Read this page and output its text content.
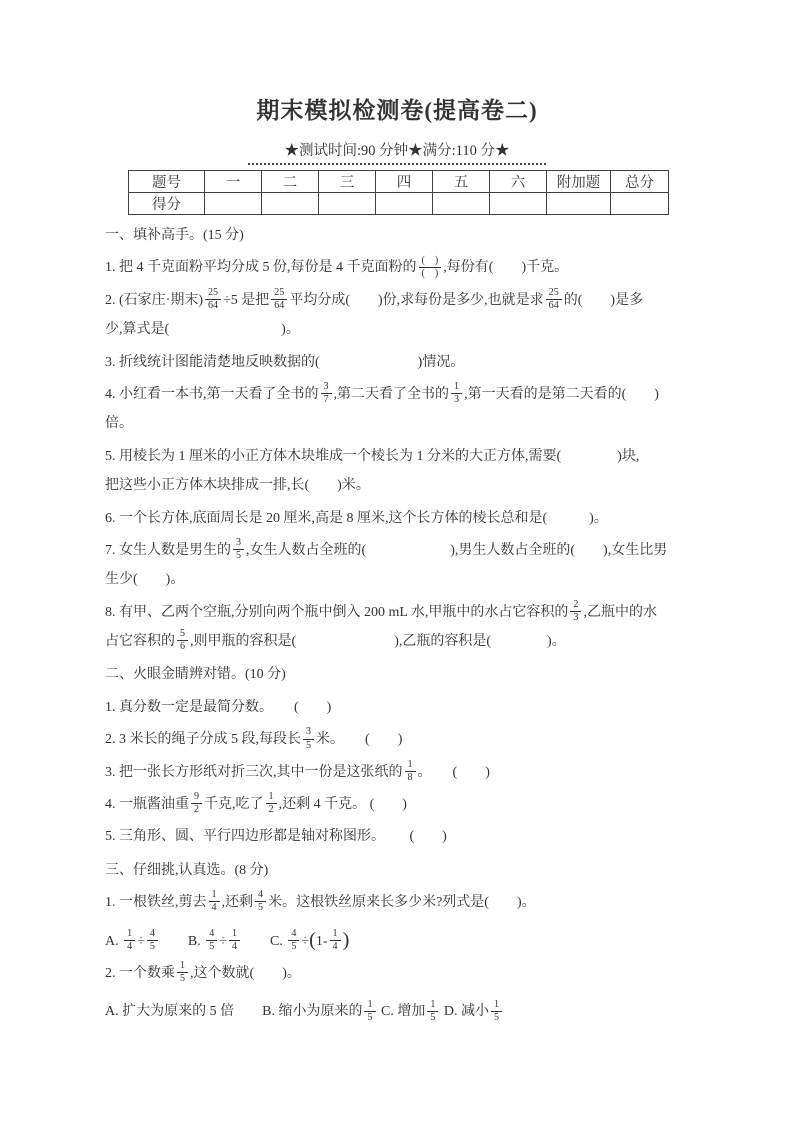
期末模拟检测卷(提高卷二)
★测试时间:90 分钟★满分:110 分★
题号	一	二	三	四	五	六	附加题	总分
得分								

一、填补高手。(15 分)

1. 把 4 千克面粉平均分成 5 份,每份是 4 千克面粉的 $\frac{( )}{( )}$ ,每份有(　　)千克。

2. (石家庄·期末) $\frac{25}{64} \div 5$ 是把 $\frac{25}{64}$ 平均分成(　　)份,求每份是多少,也就是求 $\frac{25}{64}$ 的(　　)是多
少,算式是(　　　　　　　　)。

3. 折线统计图能清楚地反映数据的(　　　　　　　)情况。

4. 小红看一本书,第一天看了全书的 $\frac{3}{7}$ ,第二天看了全书的 $\frac{1}{3}$ ,第一天看的是第二天看的(　　)
倍。

5. 用棱长为 1 厘米的小正方体木块堆成一个棱长为 1 分米的大正方体,需要(　　　　)块,
把这些小正方体木块排成一排,长(　　)米。

6. 一个长方体,底面周长是 20 厘米,高是 8 厘米,这个长方体的棱长总和是(　　　)。

7. 女生人数是男生的 $\frac{3}{5}$ ,女生人数占全班的(　　　　　　),男生人数占全班的(　　),女生比男
生少(　　)。

8. 有甲、乙两个空瓶,分别向两个瓶中倒入 200 mL 水,甲瓶中的水占它容积的 $\frac{2}{3}$ ,乙瓶中的水
占它容积的 $\frac{5}{6}$ ,则甲瓶的容积是(　　　　　　　),乙瓶的容积是(　　　　)。

二、火眼金睛辨对错。(10 分)

1. 真分数一定是最简分数。　　(　　)

2. 3 米长的绳子分成 5 段,每段长 $\frac{3}{5}$ 米。　　(　　)

3. 把一张长方形纸对折三次,其中一份是这张纸的 $\frac{1}{8}$ 。　　(　　)

4. 一瓶酱油重 $\frac{9}{2}$ 千克,吃了 $\frac{1}{2}$ ,还剩 4 千克。 (　　)

5. 三角形、圆、平行四边形都是轴对称图形。　　 (　　)

三、仔细挑,认真选。(8 分)

1. 一根铁丝,剪去 $\frac{1}{4}$ ,还剩 $\frac{4}{5}$ 米。这根铁丝原来长多少米?列式是(　　)。

A. $\frac{1}{4} \div \frac{4}{5}$ 　　B. $\frac{4}{5} \div \frac{1}{4}$ 　　C. $\frac{4}{5} \div(1- \frac{1}{4}$ )

2. 一个数乘 $\frac{1}{5}$ ,这个数就(　　)。

A. 扩大为原来的 5 倍　　B. 缩小为原来的 $\frac{1}{5} C$. 增加 $\frac{1}{5} D$. 减小 $\frac{1}{5}$
